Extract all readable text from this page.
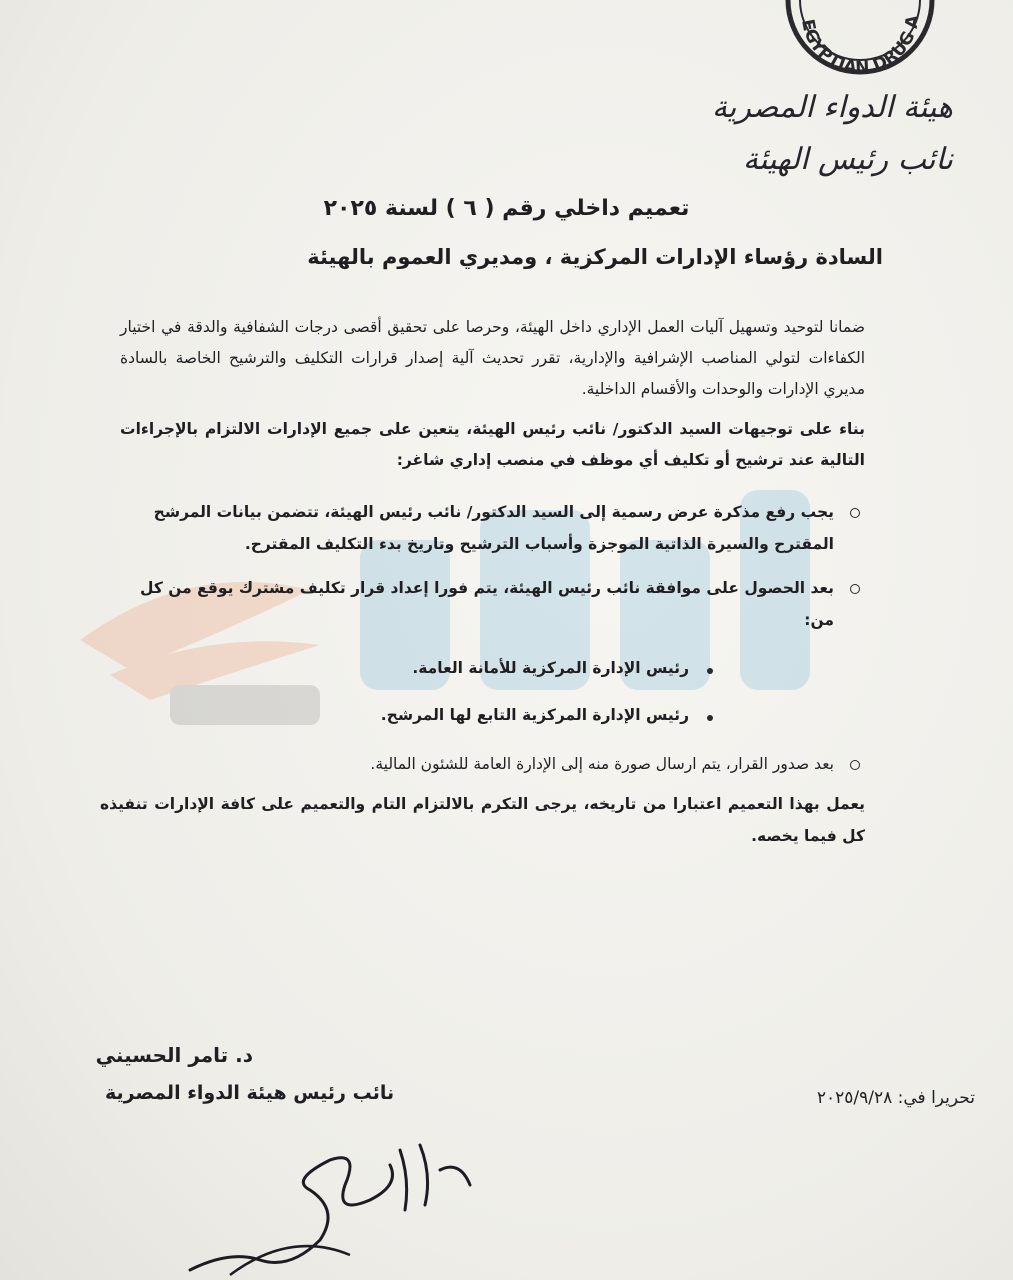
EGYPTIAN DRUG A
هيئة الدواء المصرية
نائب رئيس الهيئة
تعميم داخلي رقم ( ٦ ) لسنة ٢٠٢٥
السادة رؤساء الإدارات المركزية ، ومديري العموم بالهيئة
ضمانا لتوحيد وتسهيل آليات العمل الإداري داخل الهيئة، وحرصا على تحقيق أقصى درجات الشفافية والدقة في اختيار الكفاءات لتولي المناصب الإشرافية والإدارية، تقرر تحديث آلية إصدار قرارات التكليف والترشيح الخاصة بالسادة مديري الإدارات والوحدات والأقسام الداخلية.
بناء على توجيهات السيد الدكتور/ نائب رئيس الهيئة، يتعين على جميع الإدارات الالتزام بالإجراءات التالية عند ترشيح أو تكليف أي موظف في منصب إداري شاغر:
يجب رفع مذكرة عرض رسمية إلى السيد الدكتور/ نائب رئيس الهيئة، تتضمن بيانات المرشح المقترح والسيرة الذاتية الموجزة وأسباب الترشيح وتاريخ بدء التكليف المقترح.
بعد الحصول على موافقة نائب رئيس الهيئة، يتم فورا إعداد قرار تكليف مشترك يوقع من كل من:
رئيس الإدارة المركزية للأمانة العامة.
رئيس الإدارة المركزية التابع لها المرشح.
بعد صدور القرار، يتم ارسال صورة منه إلى الإدارة العامة للشئون المالية.
يعمل بهذا التعميم اعتبارا من تاريخه، يرجى التكرم بالالتزام التام والتعميم على كافة الإدارات تنفيذه كل فيما يخصه.
د. تامر الحسيني
نائب رئيس هيئة الدواء المصرية	تحريرا في: ٢٠٢٥/٩/٢٨
